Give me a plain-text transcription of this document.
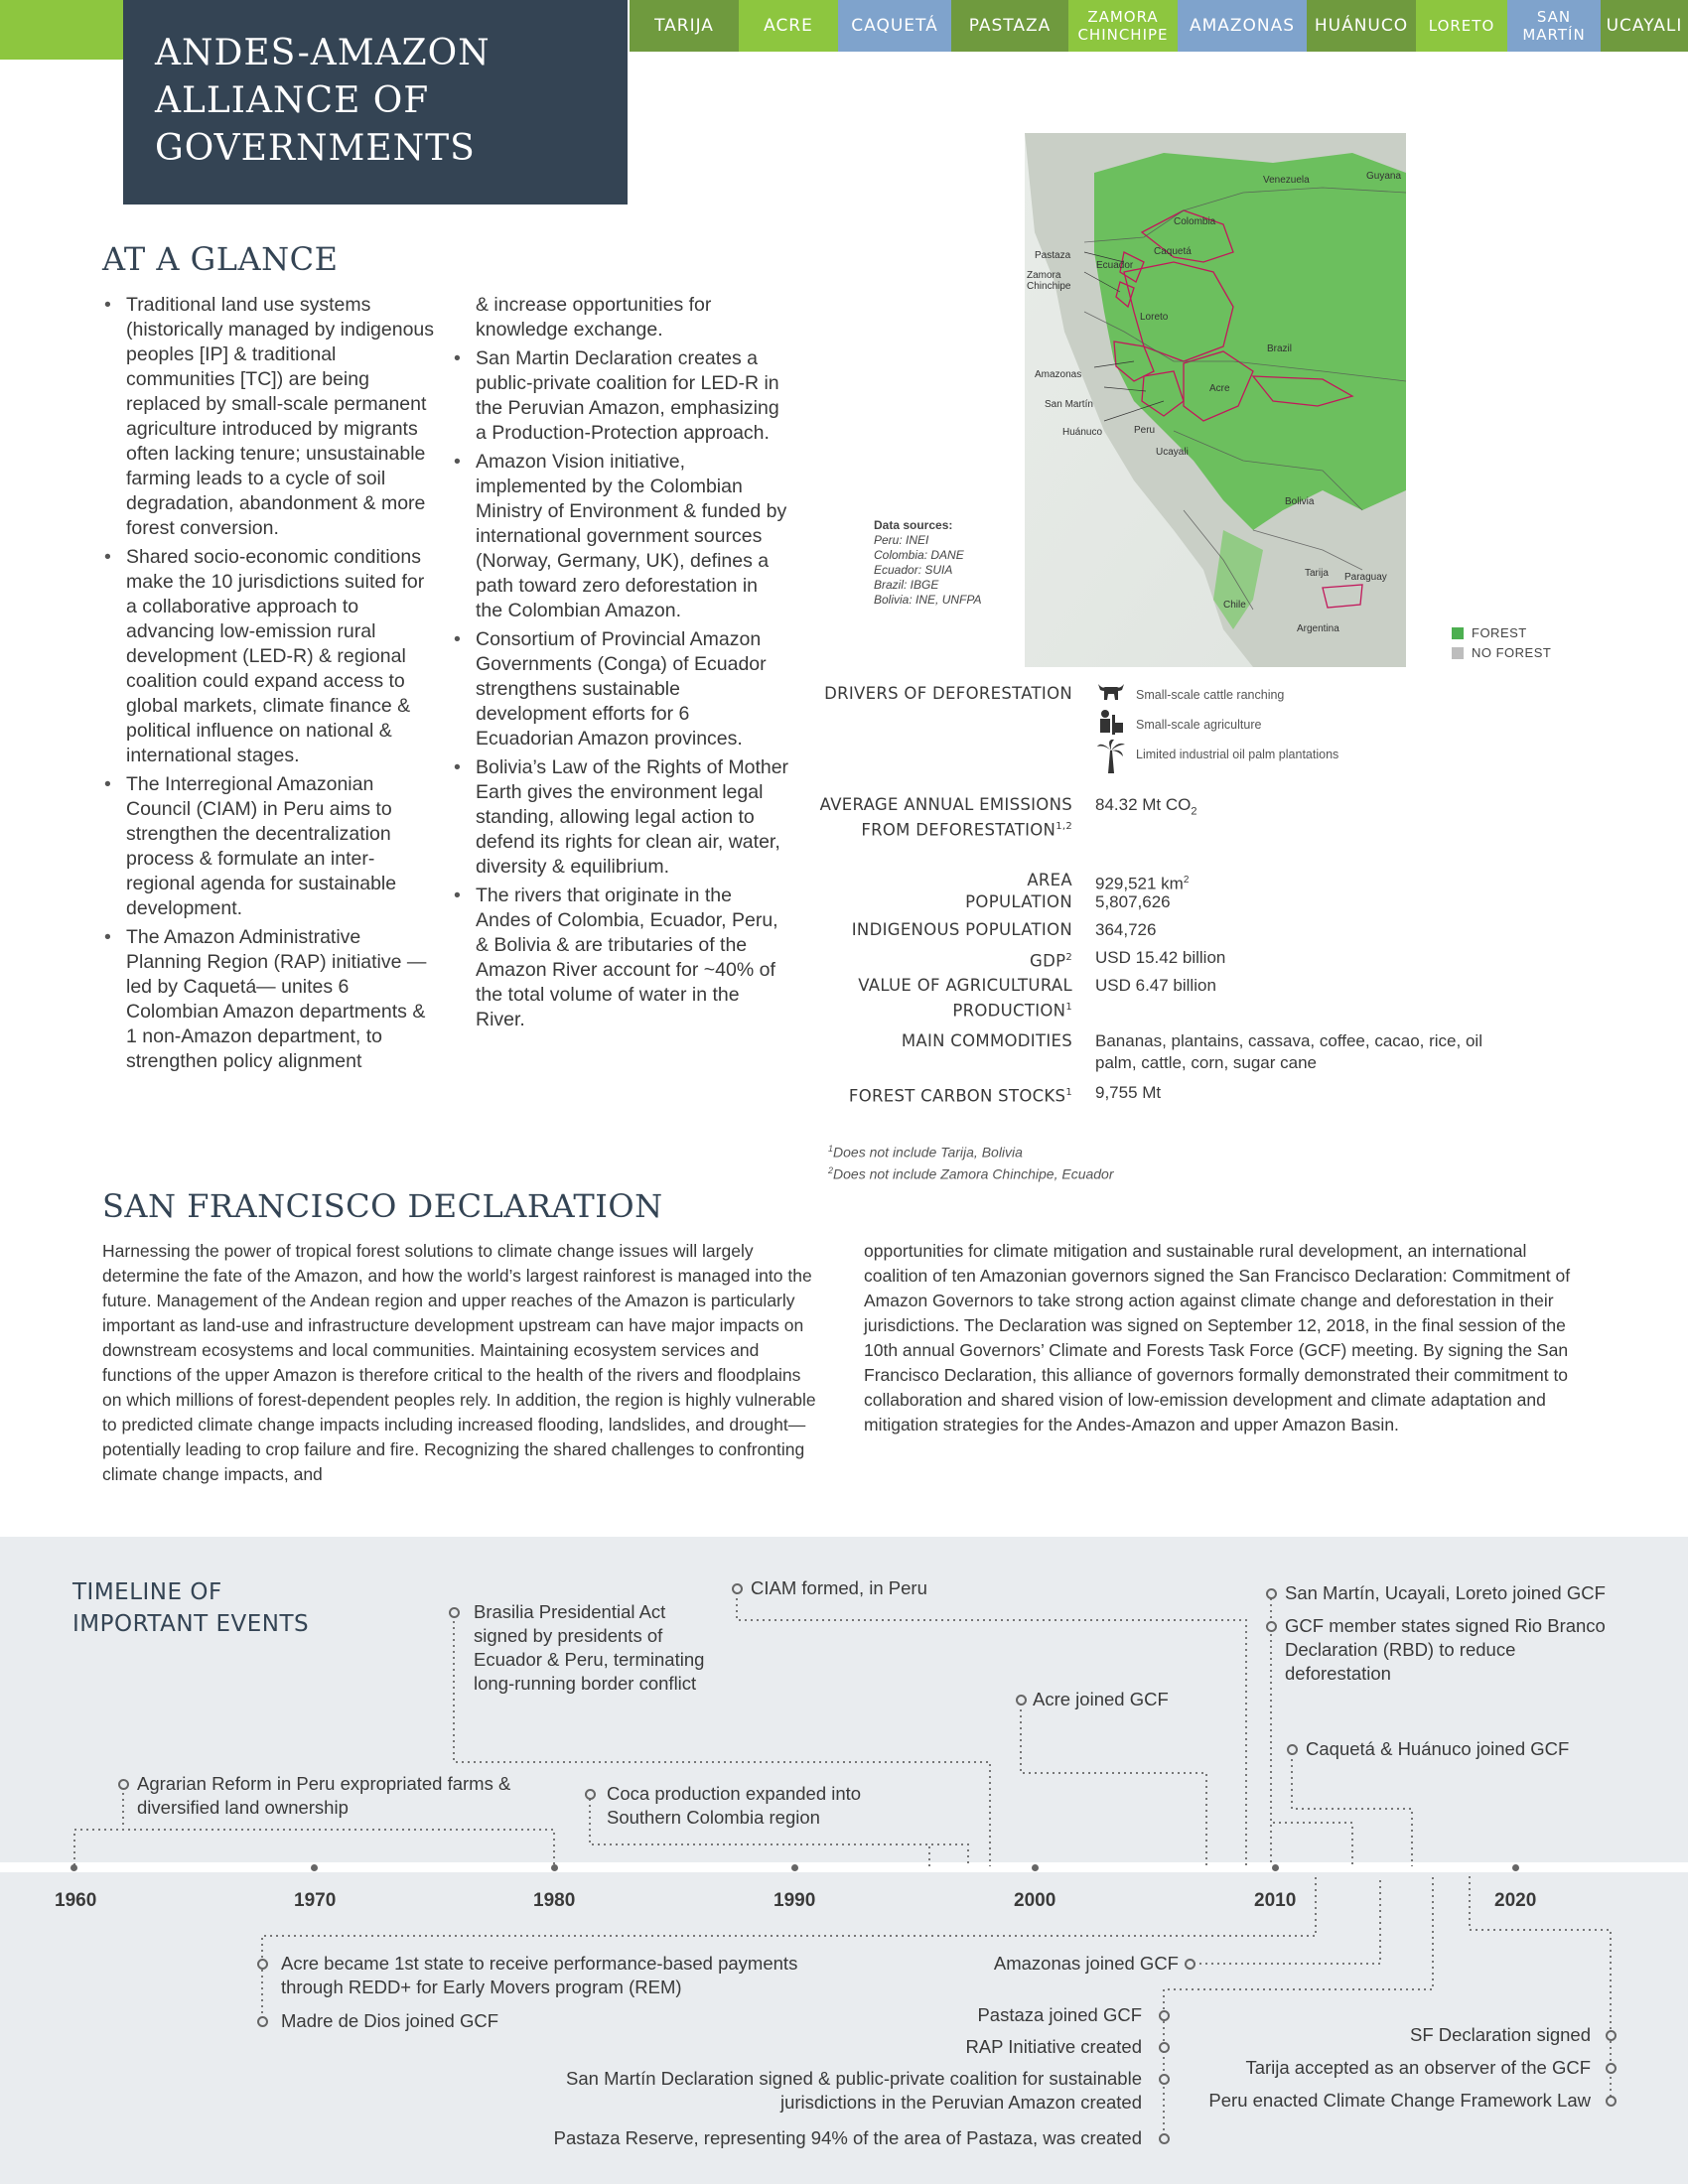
ANDES-AMAZON
ALLIANCE OF
GOVERNMENTS
TARIJA	ACRE	CAQUETÁ	PASTAZA	ZAMORA CHINCHIPE	AMAZONAS	HUÁNUCO	LORETO	SAN MARTÍN	UCAYALI
AT A GLANCE
• Traditional land use systems (historically managed by indigenous peoples [IP] & traditional communities [TC]) are being replaced by small-scale permanent agriculture introduced by migrants often lacking tenure; unsustainable farming leads to a cycle of soil degradation, abandonment & more forest conversion.
• Shared socio-economic conditions make the 10 jurisdictions suited for a collaborative approach to advancing low-emission rural development (LED-R) & regional coalition could expand access to global markets, climate finance & political influence on national & international stages.
• The Interregional Amazonian Council (CIAM) in Peru aims to strengthen the decentralization process & formulate an inter-regional agenda for sustainable development.
• The Amazon Administrative Planning Region (RAP) initiative —led by Caquetá— unites 6 Colombian Amazon departments & 1 non-Amazon department, to strengthen policy alignment
& increase opportunities for knowledge exchange.
• San Martin Declaration creates a public-private coalition for LED-R in the Peruvian Amazon, emphasizing a Production-Protection approach.
• Amazon Vision initiative, implemented by the Colombian Ministry of Environment & funded by international government sources (Norway, Germany, UK), defines a path toward zero deforestation in the Colombian Amazon.
• Consortium of Provincial Amazon Governments (Conga) of Ecuador strengthens sustainable development efforts for 6 Ecuadorian Amazon provinces.
• Bolivia’s Law of the Rights of Mother Earth gives the environment legal standing, allowing legal action to defend its rights for clean air, water, diversity & equilibrium.
• The rivers that originate in the Andes of Colombia, Ecuador, Peru, & Bolivia & are tributaries of the Amazon River account for ~40% of the total volume of water in the River.
Venezuela	Guyana
Colombia
Caquetá
Pastaza
Ecuador
Zamora Chinchipe
Loreto
Brazil
Amazonas
Acre
San Martín
Huánuco	Peru
Ucayali
Bolivia
Tarija Paraguay
Chile
Argentina
Data sources:
Peru: INEI
Colombia: DANE
Ecuador: SUIA
Brazil: IBGE
Bolivia: INE, UNFPA
FOREST
NO FOREST
DRIVERS OF DEFORESTATION	Small-scale cattle ranching
Small-scale agriculture
Limited industrial oil palm plantations
AVERAGE ANNUAL EMISSIONS
FROM DEFORESTATION$^{1,2}$
84.32 Mt $CO_2$
AREA 929,521 $km^2$
POPULATION 5,807,626
INDIGENOUS POPULATION 364,726
GDP$^2$ USD 15.42 billion
VALUE OF AGRICULTURAL
PRODUCTION$^1$
USD 6.47 billion
MAIN COMMODITIES Bananas, plantains, cassava, coffee, cacao, rice, oil palm, cattle, corn, sugar cane
FOREST CARBON STOCKS$^1$ 9,755 Mt
$^1$Does not include Tarija, Bolivia
$^2$Does not include Zamora Chinchipe, Ecuador
SAN FRANCISCO DECLARATION
Harnessing the power of tropical forest solutions to climate change issues will largely determine the fate of the Amazon, and how the world’s largest rainforest is managed into the future. Management of the Andean region and upper reaches of the Amazon is particularly important as land-use and infrastructure development upstream can have major impacts on downstream ecosystems and local communities. Maintaining ecosystem services and functions of the upper Amazon is therefore critical to the health of the rivers and floodplains on which millions of forest-dependent peoples rely. In addition, the region is highly vulnerable to predicted climate change impacts including increased flooding, landslides, and drought— potentially leading to crop failure and fire. Recognizing the shared challenges to confronting climate change impacts, and
opportunities for climate mitigation and sustainable rural development, an international coalition of ten Amazonian governors signed the San Francisco Declaration: Commitment of Amazon Governors to take strong action against climate change and deforestation in their jurisdictions. The Declaration was signed on September 12, 2018, in the final session of the 10th annual Governors’ Climate and Forests Task Force (GCF) meeting. By signing the San Francisco Declaration, this alliance of governors formally demonstrated their commitment to collaboration and shared vision of low-emission development and climate adaptation and mitigation strategies for the Andes-Amazon and upper Amazon Basin.
TIMELINE OF
IMPORTANT EVENTS
1960	1970	1980	1990	2000	2010	2020
Agrarian Reform in Peru expropriated farms & diversified land ownership
Brasilia Presidential Act signed by presidents of Ecuador & Peru, terminating long-running border conflict
Coca production expanded into Southern Colombia region
CIAM formed, in Peru
Acre joined GCF
San Martín, Ucayali, Loreto joined GCF
GCF member states signed Rio Branco Declaration (RBD) to reduce deforestation
Caquetá & Huánuco joined GCF
Acre became 1st state to receive performance-based payments through REDD+ for Early Movers program (REM)
Madre de Dios joined GCF
Amazonas joined GCF
Pastaza joined GCF
RAP Initiative created
San Martín Declaration signed & public-private coalition for sustainable jurisdictions in the Peruvian Amazon created
Pastaza Reserve, representing 94% of the area of Pastaza, was created
SF Declaration signed
Tarija accepted as an observer of the GCF
Peru enacted Climate Change Framework Law
